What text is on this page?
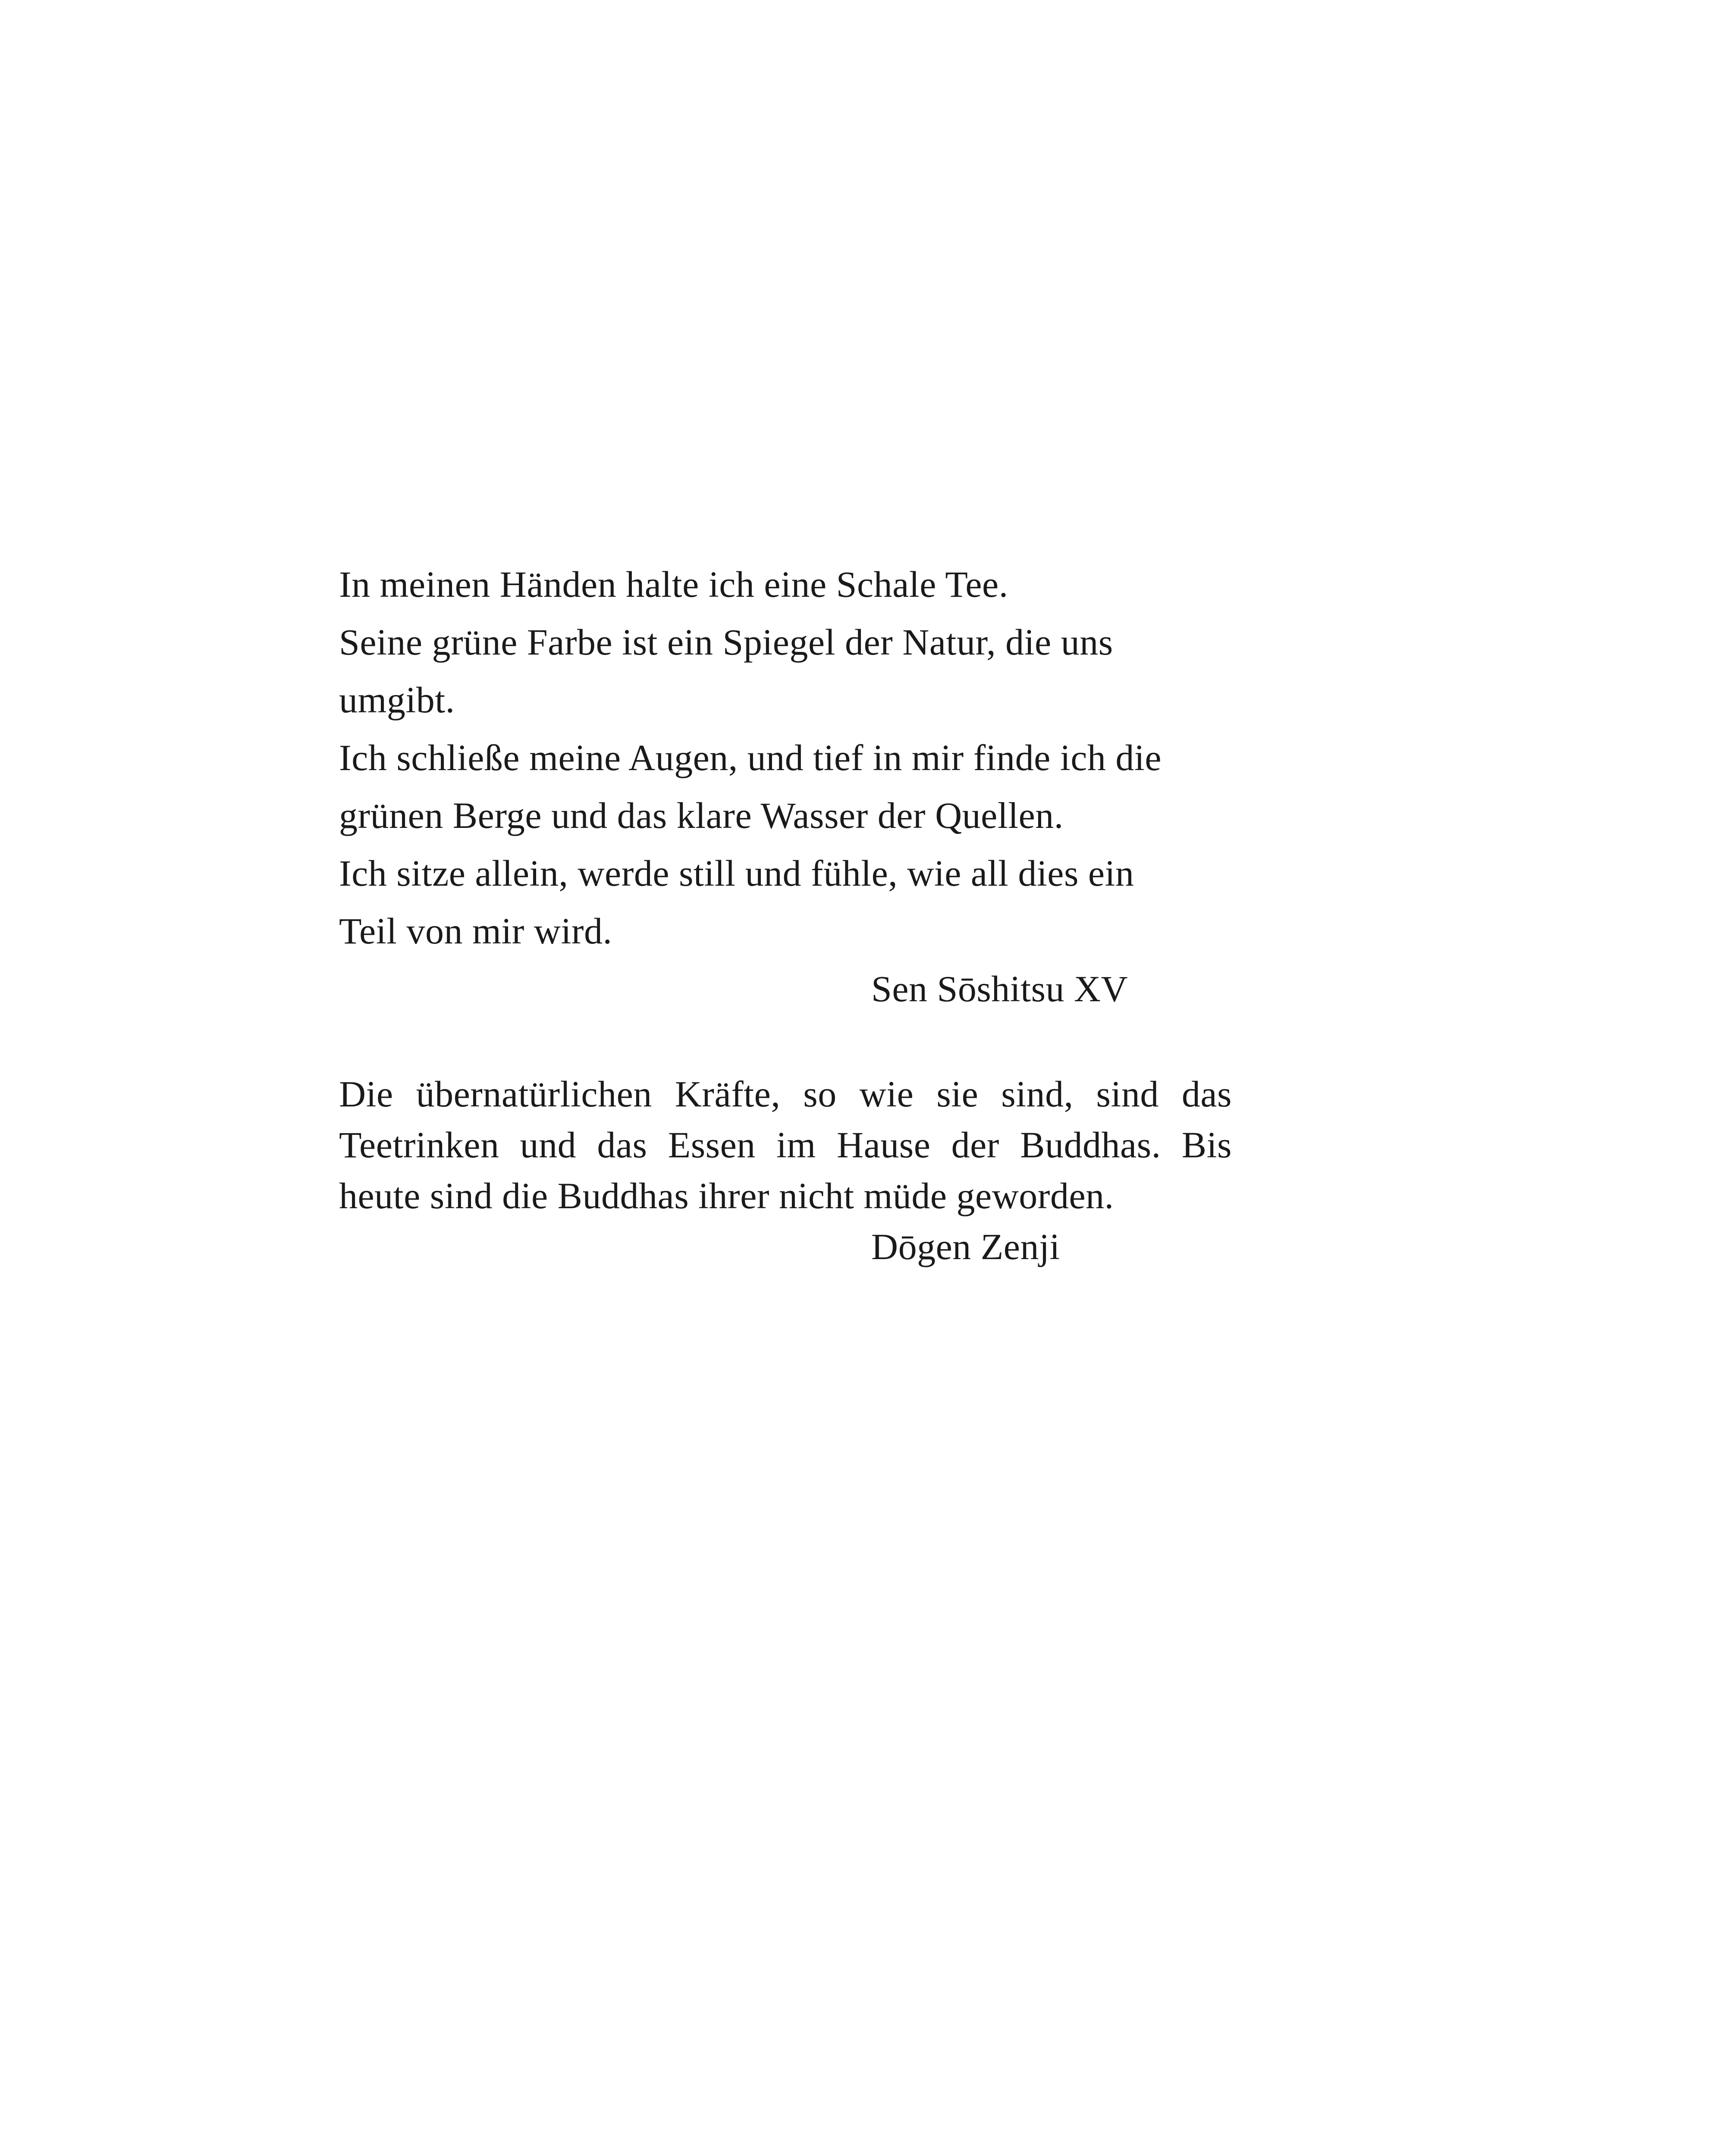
In meinen Händen halte ich eine Schale Tee.
Seine grüne Farbe ist ein Spiegel der Natur, die uns
umgibt.
Ich schließe meine Augen, und tief in mir finde ich die
grünen Berge und das klare Wasser der Quellen.
Ich sitze allein, werde still und fühle, wie all dies ein
Teil von mir wird.
Sen Sōshitsu XV
Die übernatürlichen Kräfte, so wie sie sind, sind das
Teetrinken und das Essen im Hause der Buddhas. Bis
heute sind die Buddhas ihrer nicht müde geworden.
Dōgen Zenji
